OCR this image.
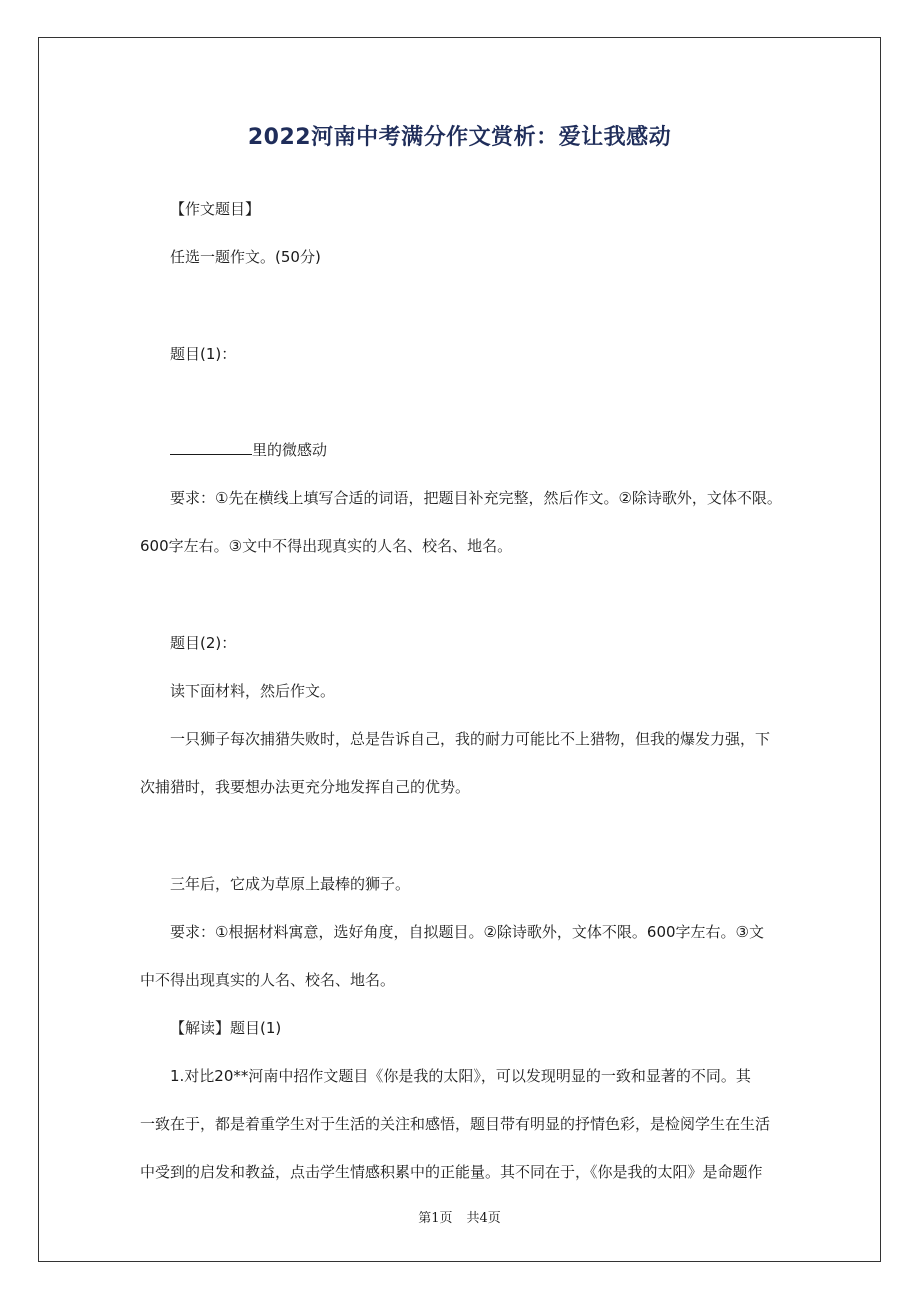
2022河南中考满分作文赏析：爱让我感动
【作文题目】
任选一题作文。(50分)
题目(1)：
里的微感动
要求：①先在横线上填写合适的词语，把题目补充完整，然后作文。②除诗歌外，文体不限。
600字左右。③文中不得出现真实的人名、校名、地名。
题目(2)：
读下面材料，然后作文。
一只狮子每次捕猎失败时，总是告诉自己，我的耐力可能比不上猎物，但我的爆发力强，下
次捕猎时，我要想办法更充分地发挥自己的优势。
三年后，它成为草原上最棒的狮子。
要求：①根据材料寓意，选好角度，自拟题目。②除诗歌外，文体不限。600字左右。③文
中不得出现真实的人名、校名、地名。
【解读】题目(1)
1.对比20**河南中招作文题目《你是我的太阳》，可以发现明显的一致和显著的不同。其
一致在于，都是着重学生对于生活的关注和感悟，题目带有明显的抒情色彩，是检阅学生在生活
中受到的启发和教益，点击学生情感积累中的正能量。其不同在于，《你是我的太阳》是命题作
第1页 共4页
